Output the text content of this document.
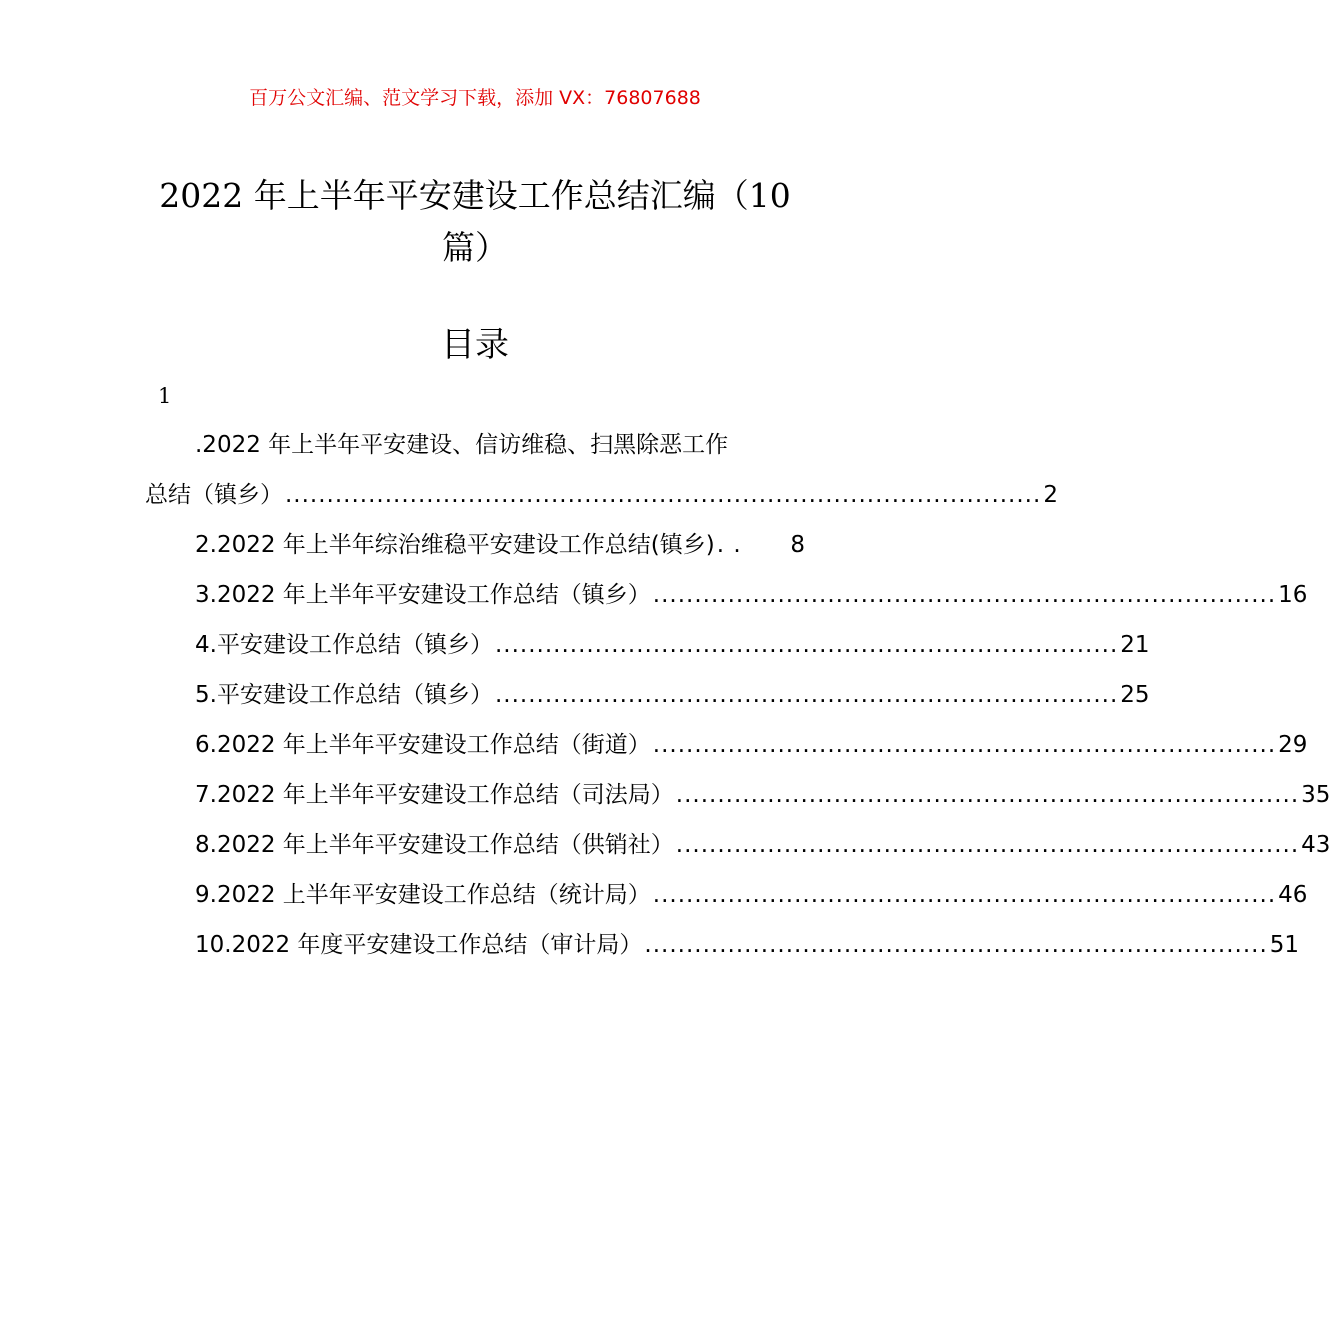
百万公文汇编、范文学习下载，添加 VX：76807688
2022 年上半年平安建设工作总结汇编（10 篇）
目录
1
.2022 年上半年平安建设、信访维稳、扫黑除恶工作
总结（镇乡） ........................................................................................... 2
2.2022 年上半年综治维稳平安建设工作总结(镇乡) . .	8
3.2022 年上半年平安建设工作总结（镇乡） ........................................................................... 16
4.平安建设工作总结（镇乡） ........................................................................... 21
5.平安建设工作总结（镇乡） ........................................................................... 25
6.2022 年上半年平安建设工作总结（街道） ........................................................................... 29
7.2022 年上半年平安建设工作总结（司法局） ........................................................................... 35
8.2022 年上半年平安建设工作总结（供销社） ........................................................................... 43
9.2022 上半年平安建设工作总结（统计局） ........................................................................... 46
10.2022 年度平安建设工作总结（审计局） ........................................................................... 51
